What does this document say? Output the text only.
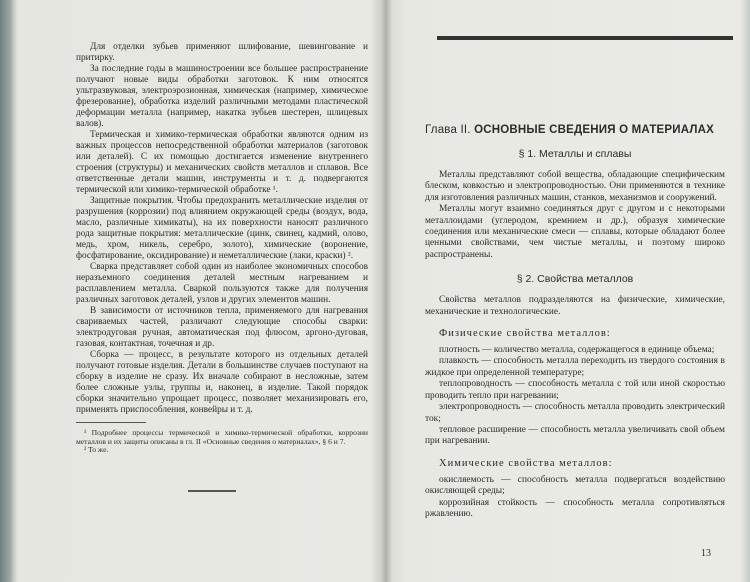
Для отделки зубьев применяют шлифование, шевингование и притирку.

За последние годы в машиностроении все большее распространение получают новые виды обработки заготовок. К ним относятся ультразвуковая, электроэрозионная, химическая (например, химическое фрезерование), обработка изделий различными методами пластической деформации металла (например, накатка зубьев шестерен, шлицевых валов).

Термическая и химико-термическая обработки являются одним из важных процессов непосредственной обработки материалов (заготовок или деталей). С их помощью достигается изменение внутреннего строения (структуры) и механических свойств металлов и сплавов. Все ответственные детали машин, инструменты и т. д. подвергаются термической или химико-термической обработке ¹.

Защитные покрытия. Чтобы предохранить металлические изделия от разрушения (коррозии) под влиянием окружающей среды (воздух, вода, масло, различные химикаты), на их поверхности наносят различного рода защитные покрытия: металлические (цинк, свинец, кадмий, олово, медь, хром, никель, серебро, золото), химические (воронение, фосфатирование, оксидирование) и неметаллические (лаки, краски) ².

Сварка представляет собой один из наиболее экономичных способов неразъемного соединения деталей местным нагреванием и расплавлением металла. Сваркой пользуются также для получения различных заготовок деталей, узлов и других элементов машин.

В зависимости от источников тепла, применяемого для нагревания свариваемых частей, различают следующие способы сварки: электродуговая ручная, автоматическая под флюсом, аргоно-дуговая, газовая, контактная, точечная и др.

Сборка — процесс, в результате которого из отдельных деталей получают готовые изделия. Детали в большинстве случаев поступают на сборку в изделие не сразу. Их вначале собирают в несложные, затем более сложные узлы, группы и, наконец, в изделие. Такой порядок сборки значительно упрощает процесс, позволяет механизировать его, применять приспособления, конвейры и т. д.

¹ Подробнее процессы термической и химико-термической обработки, коррозии металлов и их защиты описаны в гл. II «Основные сведения о материалах», § 6 и 7.

² То же.

Глава II. ОСНОВНЫЕ СВЕДЕНИЯ О МАТЕРИАЛАХ
§ 1. Металлы и сплавы

Металлы представляют собой вещества, обладающие специфическим блеском, ковкостью и электропроводностью. Они применяются в технике для изготовления различных машин, станков, механизмов и сооружений.

Металлы могут взаимно соединяться друг с другом и с некоторыми металлоидами (углеродом, кремнием и др.), образуя химические соединения или механические смеси — сплавы, которые обладают более ценными свойствами, чем чистые металлы, и поэтому широко распространены.

§ 2. Свойства металлов

Свойства металлов подразделяются на физические, химические, механические и технологические.

Физические свойства металлов:

плотность — количество металла, содержащегося в единице объема;

плавкость — способность металла переходить из твердого состояния в жидкое при определенной температуре;

теплопроводность — способность металла с той или иной скоростью проводить тепло при нагревании;

электропроводность — способность металла проводить электрический ток;

тепловое расширение — способность металла увеличивать свой объем при нагревании.

Химические свойства металлов:

окисляемость — способность металла подвергаться воздействию окисляющей среды;

коррозийная стойкость — способность металла сопротивляться ржавлению.

13
